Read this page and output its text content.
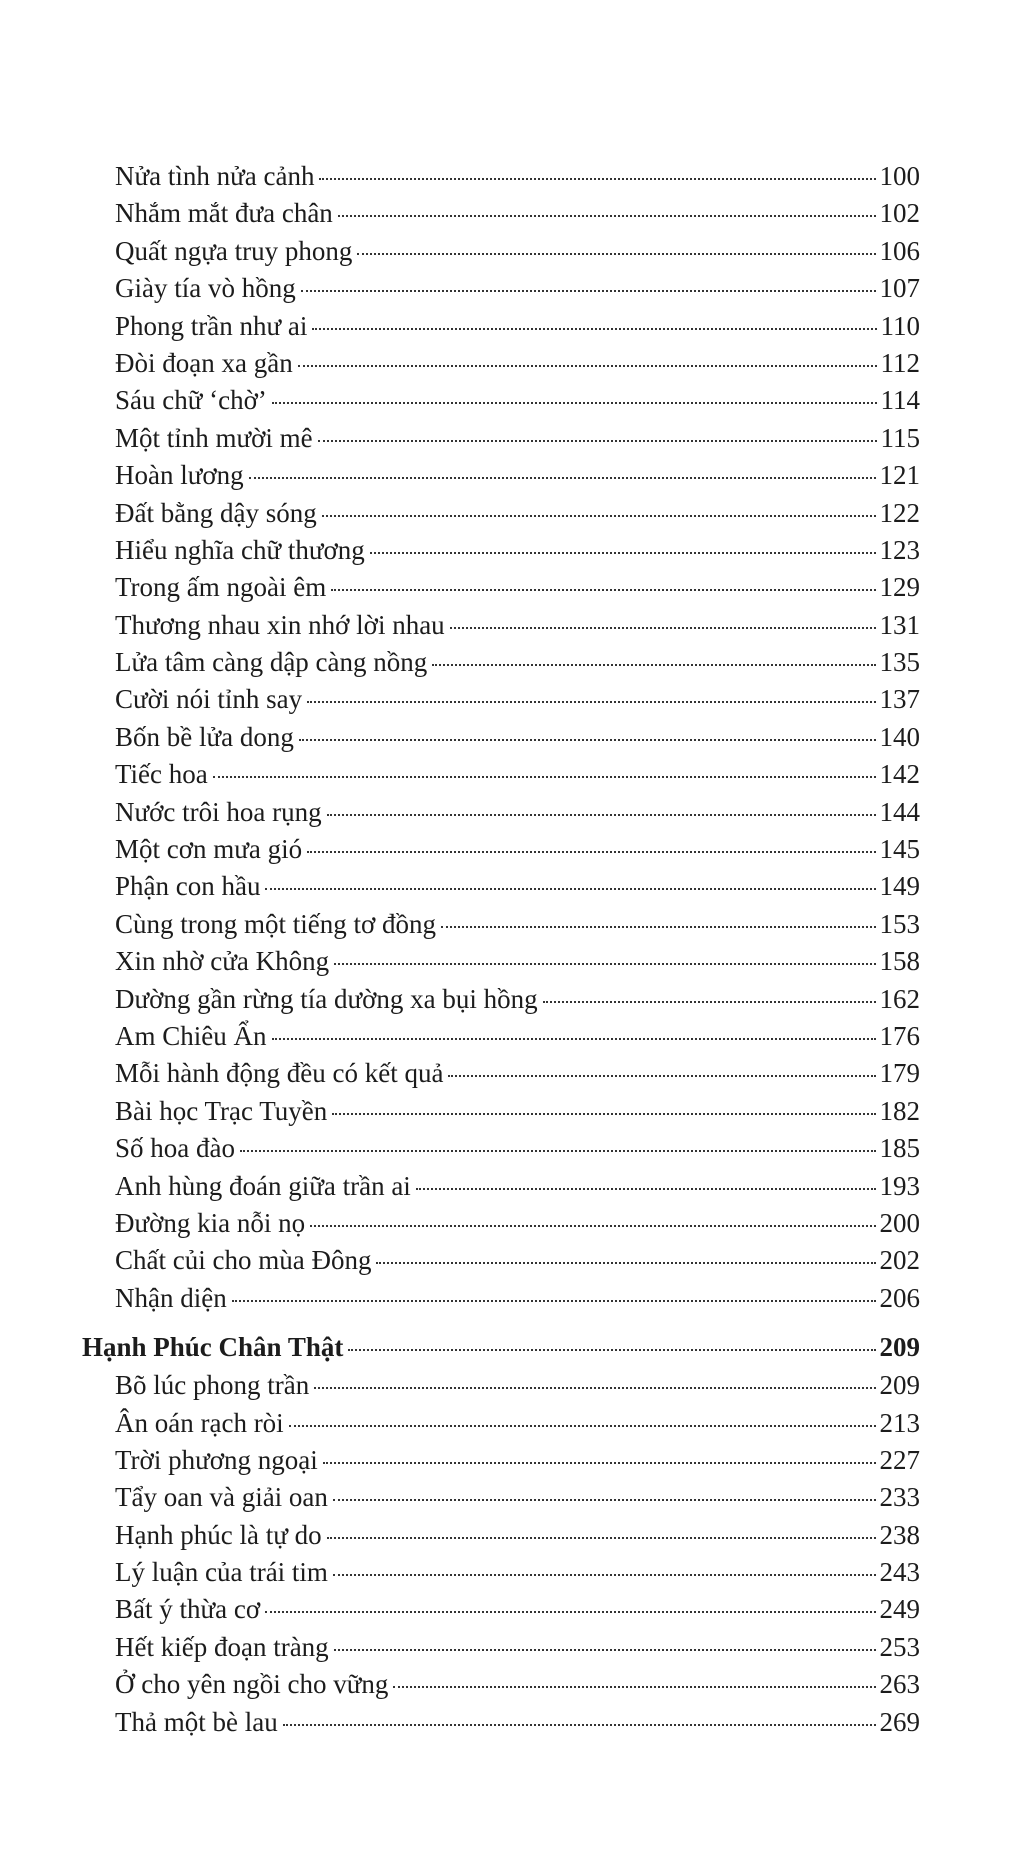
Nửa tình nửa cảnh	100
Nhắm mắt đưa chân	102
Quất ngựa truy phong	106
Giày tía vò hồng	107
Phong trần như ai	110
Đòi đoạn xa gần	112
Sáu chữ ‘chờ’	114
Một tỉnh mười mê	115
Hoàn lương	121
Đất bằng dậy sóng	122
Hiểu nghĩa chữ thương	123
Trong ấm ngoài êm	129
Thương nhau xin nhớ lời nhau	131
Lửa tâm càng dập càng nồng	135
Cười nói tỉnh say	137
Bốn bề lửa dong	140
Tiếc hoa	142
Nước trôi hoa rụng	144
Một cơn mưa gió	145
Phận con hầu	149
Cùng trong một tiếng tơ đồng	153
Xin nhờ cửa Không	158
Dường gần rừng tía dường xa bụi hồng	162
Am Chiêu Ẩn	176
Mỗi hành động đều có kết quả	179
Bài học Trạc Tuyền	182
Số hoa đào	185
Anh hùng đoán giữa trần ai	193
Đường kia nỗi nọ	200
Chất củi cho mùa Đông	202
Nhận diện	206
Hạnh Phúc Chân Thật	209
Bõ lúc phong trần	209
Ân oán rạch ròi	213
Trời phương ngoại	227
Tẩy oan và giải oan	233
Hạnh phúc là tự do	238
Lý luận của trái tim	243
Bất ý thừa cơ	249
Hết kiếp đoạn tràng	253
Ở cho yên ngồi cho vững	263
Thả một bè lau	269
